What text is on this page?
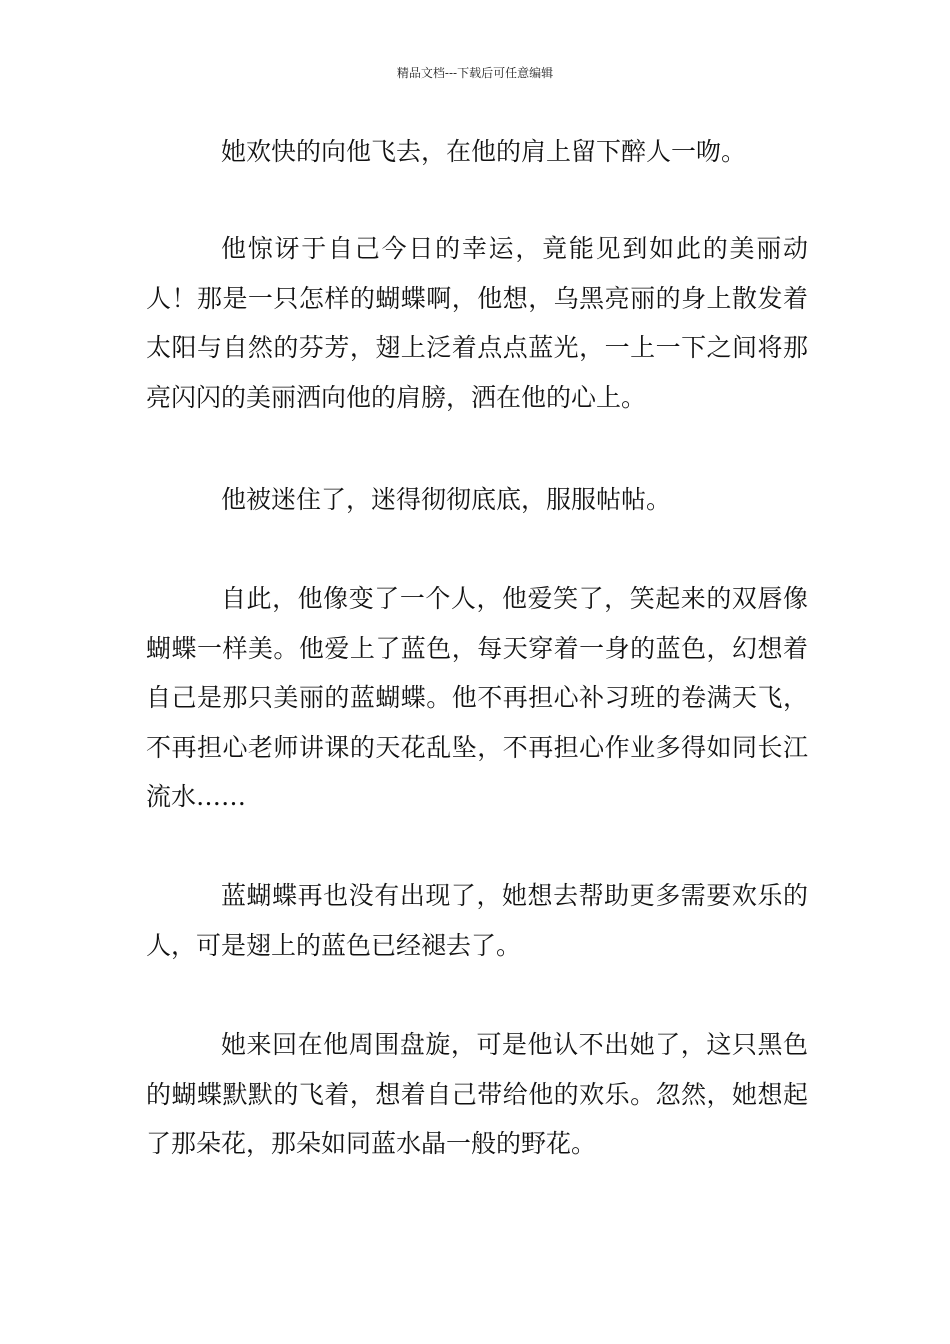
精品文档---下载后可任意编辑

她欢快的向他飞去，在他的肩上留下醉人一吻。

他惊讶于自己今日的幸运，竟能见到如此的美丽动人！那是一只怎样的蝴蝶啊，他想，乌黑亮丽的身上散发着太阳与自然的芬芳，翅上泛着点点蓝光，一上一下之间将那亮闪闪的美丽洒向他的肩膀，洒在他的心上。

他被迷住了，迷得彻彻底底，服服帖帖。

自此，他像变了一个人，他爱笑了，笑起来的双唇像蝴蝶一样美。他爱上了蓝色，每天穿着一身的蓝色，幻想着自己是那只美丽的蓝蝴蝶。他不再担心补习班的卷满天飞，不再担心老师讲课的天花乱坠，不再担心作业多得如同长江流水……

蓝蝴蝶再也没有出现了，她想去帮助更多需要欢乐的人，可是翅上的蓝色已经褪去了。

她来回在他周围盘旋，可是他认不出她了，这只黑色的蝴蝶默默的飞着，想着自己带给他的欢乐。忽然，她想起了那朵花，那朵如同蓝水晶一般的野花。
